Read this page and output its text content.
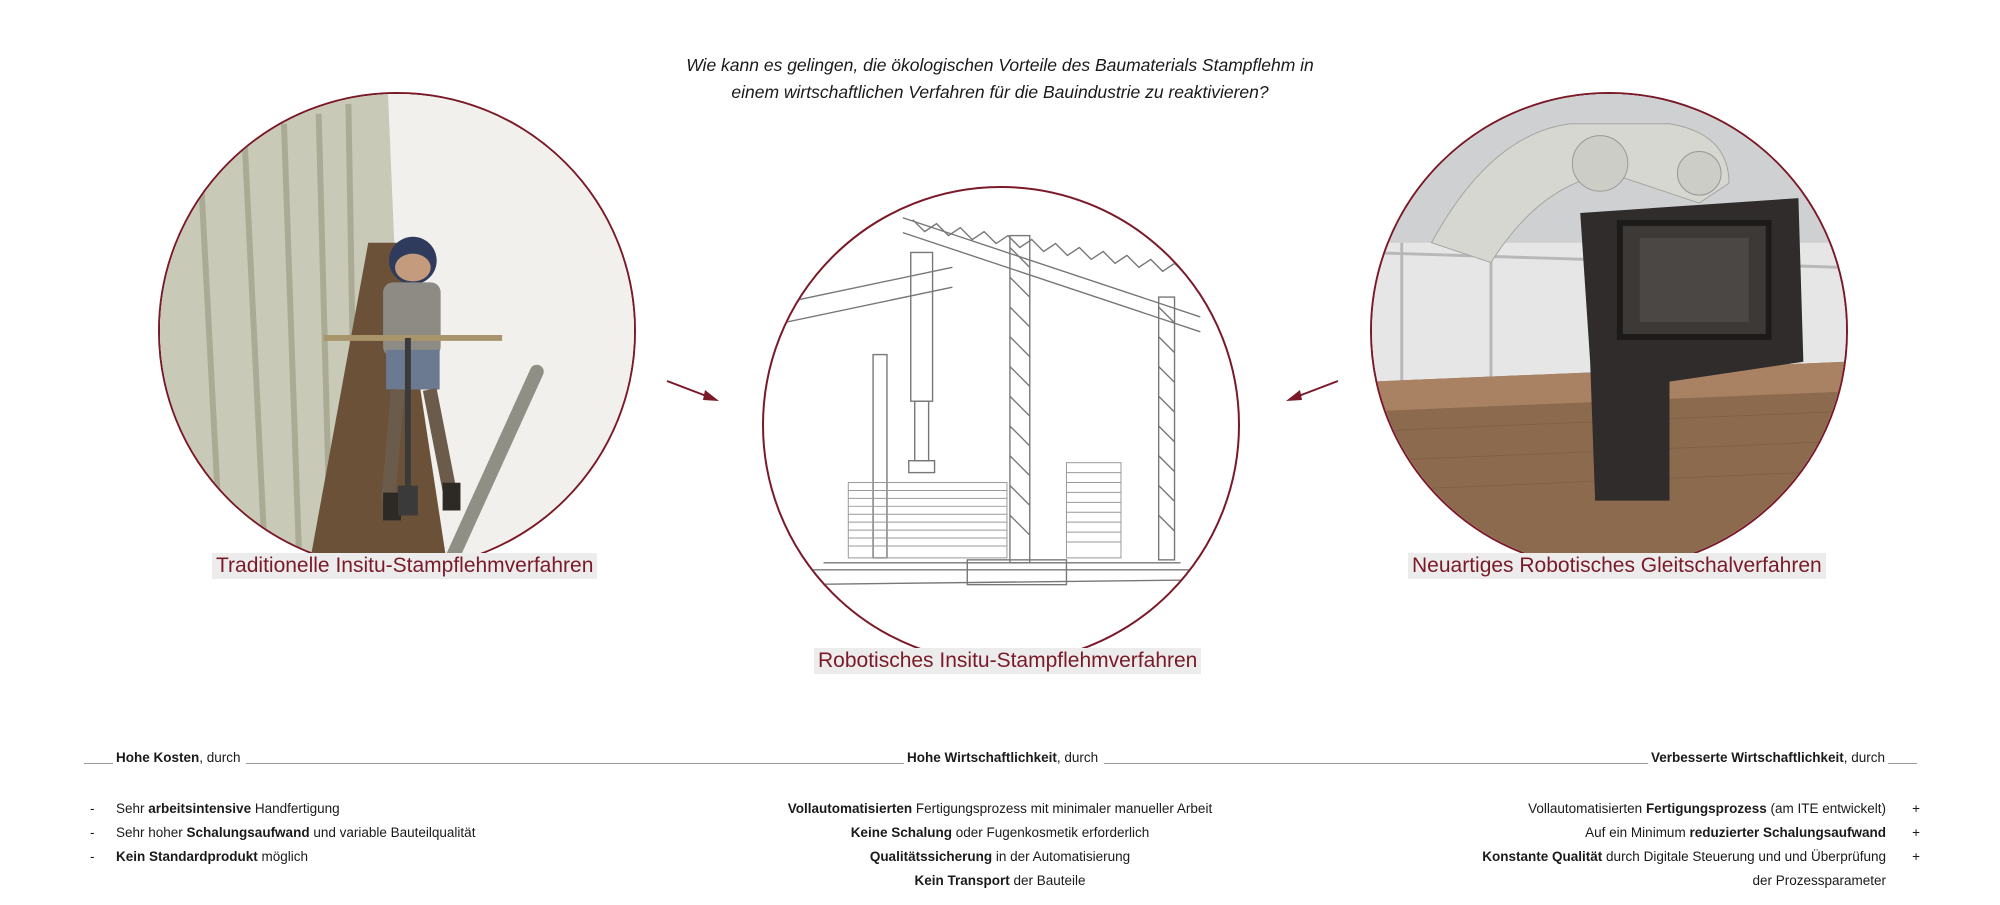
Wie kann es gelingen, die ökologischen Vorteile des Baumaterials Stampflehm in
einem wirtschaftlichen Verfahren für die Bauindustrie zu reaktivieren?
Traditionelle Insitu-Stampflehmverfahren
Robotisches Insitu-Stampflehmverfahren
Neuartiges Robotisches Gleitschalverfahren
Hohe Kosten, durch	Hohe Wirtschaftlichkeit, durch	Verbesserte Wirtschaftlichkeit, durch
-	Sehr arbeitsintensive Handfertigung
-	Sehr hoher Schalungsaufwand und variable Bauteilqualität
-	Kein Standardprodukt möglich
Vollautomatisierten Fertigungsprozess mit minimaler manueller Arbeit
Keine Schalung oder Fugenkosmetik erforderlich
Qualitätssicherung in der Automatisierung
Kein Transport der Bauteile
Vollautomatisierten Fertigungsprozess (am ITE entwickelt)	+
Auf ein Minimum reduzierter Schalungsaufwand	+
Konstante Qualität durch Digitale Steuerung und und Überprüfung	+
der Prozessparameter
